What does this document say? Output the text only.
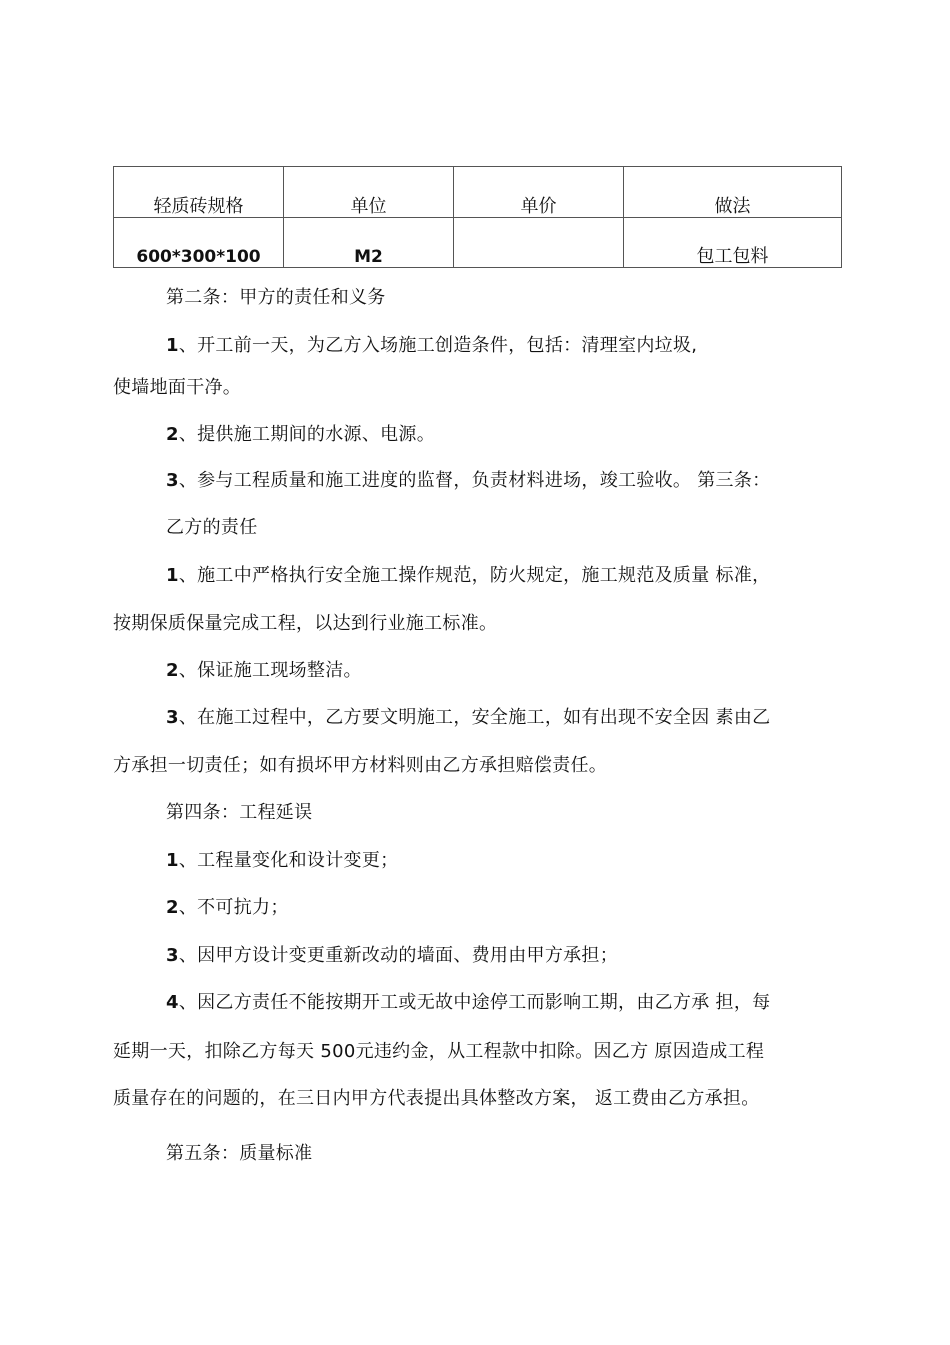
轻质砖规格	单位	单价	做法
600*300*100	M2		包工包料
第二条：甲方的责任和义务
1、开工前一天，为乙方入场施工创造条件，包括：清理室内垃圾,
使墙地面干净。
2、提供施工期间的水源、电源。
3、参与工程质量和施工进度的监督，负责材料进场，竣工验收。 第三条：
乙方的责任
1、施工中严格执行安全施工操作规范，防火规定，施工规范及质量 标准，
按期保质保量完成工程，以达到行业施工标准。
2、保证施工现场整洁。
3、在施工过程中，乙方要文明施工，安全施工，如有出现不安全因 素由乙
方承担一切责任；如有损坏甲方材料则由乙方承担赔偿责任。
第四条：工程延误
1、工程量变化和设计变更；
2、不可抗力；
3、因甲方设计变更重新改动的墙面、费用由甲方承担；
4、因乙方责任不能按期开工或无故中途停工而影响工期，由乙方承 担，每
延期一天，扣除乙方每天 500元违约金，从工程款中扣除。因乙方 原因造成工程
质量存在的问题的，在三日内甲方代表提出具体整改方案， 返工费由乙方承担。
第五条：质量标准
